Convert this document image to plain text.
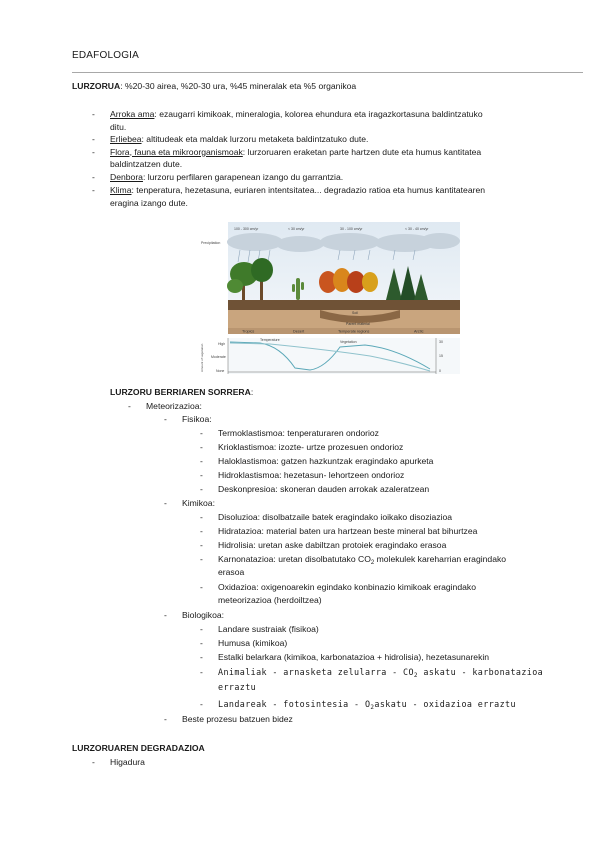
EDAFOLOGIA
LURZORUA: %20-30 airea, %20-30 ura, %45 mineralak eta %5 organikoa
- Arroka ama: ezaugarri kimikoak, mineralogia, kolorea ehundura eta iragazkortasuna baldintzatuko
ditu.
- Erliebea: altitudeak eta maldak lurzoru metaketa baldintzatuko dute.
- Flora, fauna eta mikroorganismoak: lurzoruaren eraketan parte hartzen dute eta humus kantitatea
baldintzatzen dute.
- Denbora: lurzoru perfilaren garapenean izango du garrantzia.
- Klima: tenperatura, hezetasuna, euriaren intentsitatea... degradazio ratioa eta humus kantitatearen
eragina izango dute.
100 - 300 cm/yr	< 30 cm/yr	30 - 100 cm/yr	< 30 - 40 cm/yr
Precipitation
Soil
Parent material
Tropics	Desert	Temperate regions	Arctic
High
Moderate
None
Temperature	Vegetation
Amount of vegetation
30
15
0
LURZORU BERRIAREN SORRERA:
- Meteorizazioa:
- Fisikoa:
- Termoklastismoa: tenperaturaren ondorioz
- Krioklastismoa: izozte- urtze prozesuen ondorioz
- Haloklastismoa: gatzen hazkuntzak eragindako apurketa
- Hidroklastismoa: hezetasun- lehortzeen ondorioz
- Deskonpresioa: skoneran dauden arrokak azaleratzean
- Kimikoa:
- Disoluzioa: disolbatzaile batek eragindako ioikako disoziazioa
- Hidratazioa: material baten ura hartzean beste mineral bat bihurtzea
- Hidrolisia: uretan aske dabiltzan protoiek eragindako erasoa
- Karnonatazioa: uretan disolbatutako $CO_2$ molekulek kareharrian eragindako
erasoa
- Oxidazioa: oxigenoarekin egindako konbinazio kimikoak eragindako
meteorizazioa (herdoiltzea)
- Biologikoa:
- Landare sustraiak (fisikoa)
- Humusa (kimikoa)
- Estalki belarkara (kimikoa, karbonatazioa + hidrolisia), hezetasunarekin
- Animaliak - arnasketa zelularra - $CO_2$ askatu - karbonatazioa
erraztu
- Landareak - fotosintesia - $O_2askatu$ - oxidazioa erraztu
- Beste prozesu batzuen bidez
LURZORUAREN DEGRADAZIOA
- Higadura
